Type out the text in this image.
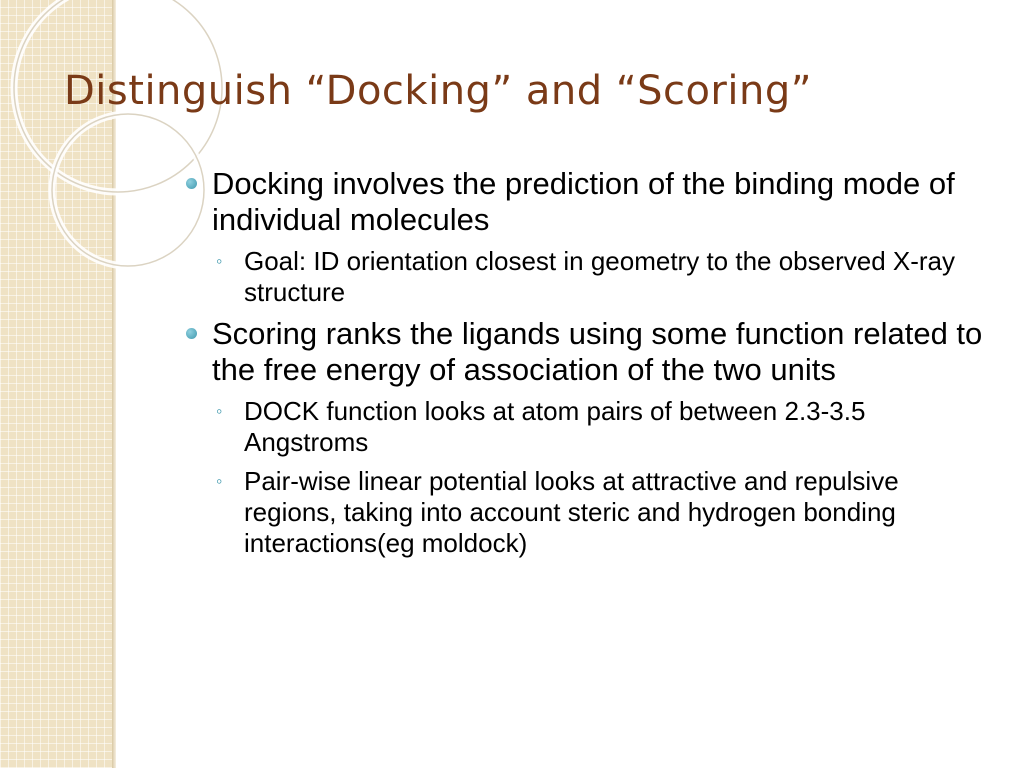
Distinguish “Docking” and “Scoring”
Docking involves the prediction of the binding mode of individual molecules
◦ Goal: ID orientation closest in geometry to the observed X-ray structure
Scoring ranks the ligands using some function related to the free energy of association of the two units
◦ DOCK function looks at atom pairs of between 2.3-3.5 Angstroms
◦ Pair-wise linear potential looks at attractive and repulsive regions, taking into account steric and hydrogen bonding interactions(eg moldock)
